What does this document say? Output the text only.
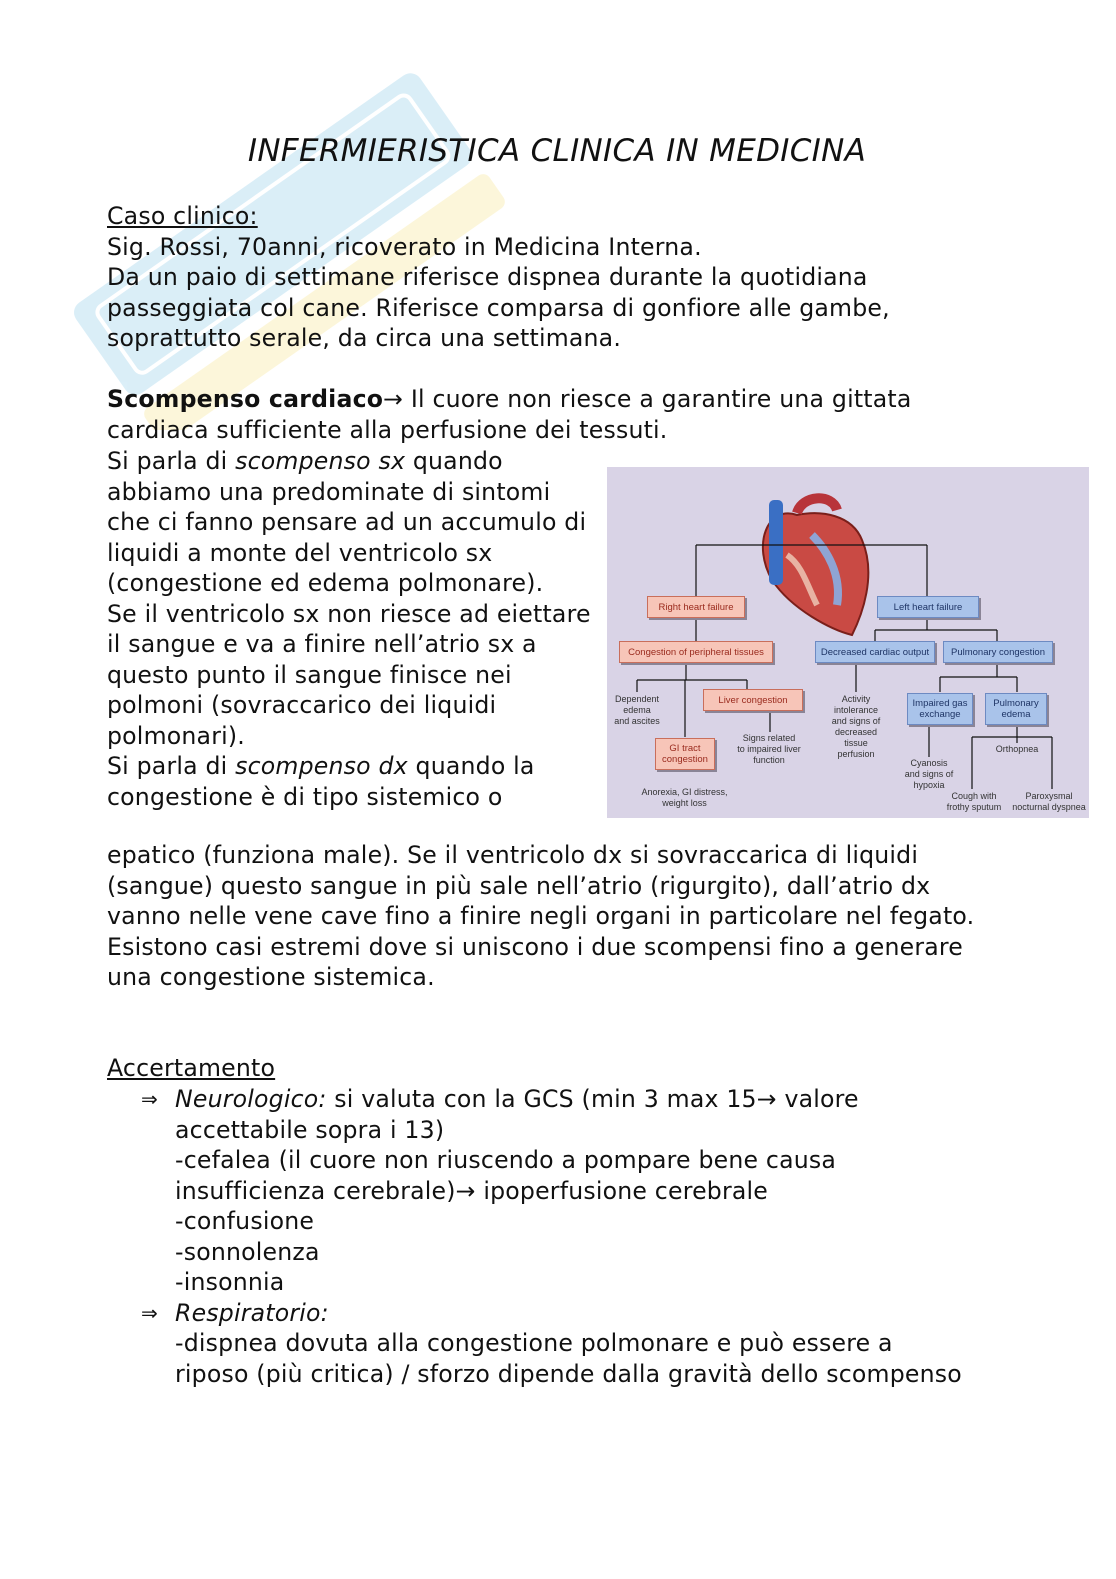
INFERMIERISTICA CLINICA IN MEDICINA

Caso clinico:

Sig. Rossi, 70anni, ricoverato in Medicina Interna.

Da un paio di settimane riferisce dispnea durante la quotidiana passeggiata col cane. Riferisce comparsa di gonfiore alle gambe, soprattutto serale, da circa una settimana.

Scompenso cardiaco→ Il cuore non riesce a garantire una gittata cardiaca sufficiente alla perfusione dei tessuti.

Si parla di scompenso sx quando abbiamo una predominate di sintomi che ci fanno pensare ad un accumulo di liquidi a monte del ventricolo sx (congestione ed edema polmonare).

Se il ventricolo sx non riesce ad eiettare il sangue e va a finire nell’atrio sx a questo punto il sangue finisce nei polmoni (sovraccarico dei liquidi polmonari).

Si parla di scompenso dx quando la congestione è di tipo sistemico o

epatico (funziona male). Se il ventricolo dx si sovraccarica di liquidi (sangue) questo sangue in più sale nell’atrio (rigurgito), dall’atrio dx vanno nelle vene cave fino a finire negli organi in particolare nel fegato.

Esistono casi estremi dove si uniscono i due scompensi fino a generare una congestione sistemica.

Accertamento

⇒ Neurologico: si valuta con la GCS (min 3 max 15→ valore accettabile sopra i 13)

-cefalea (il cuore non riuscendo a pompare bene causa insufficienza cerebrale)→ ipoperfusione cerebrale

-confusione

-sonnolenza

-insonnia

⇒ Respiratorio:

-dispnea dovuta alla congestione polmonare e può essere a riposo (più critica) / sforzo dipende dalla gravità dello scompenso

Right heart failure	Left heart failure
Congestion of peripheral tissues	Decreased cardiac output	Pulmonary congestion
Dependent
edema
and ascites
Liver congestion
GI tract
congestion
Signs related
to impaired liver
function
Anorexia, GI distress,
weight loss
Activity
intolerance
and signs of
decreased
tissue
perfusion
Impaired gas
exchange
Pulmonary
edema
Cyanosis
and signs of
hypoxia
Orthopnea
Cough with
frothy sputum
Paroxysmal
nocturnal dyspnea
